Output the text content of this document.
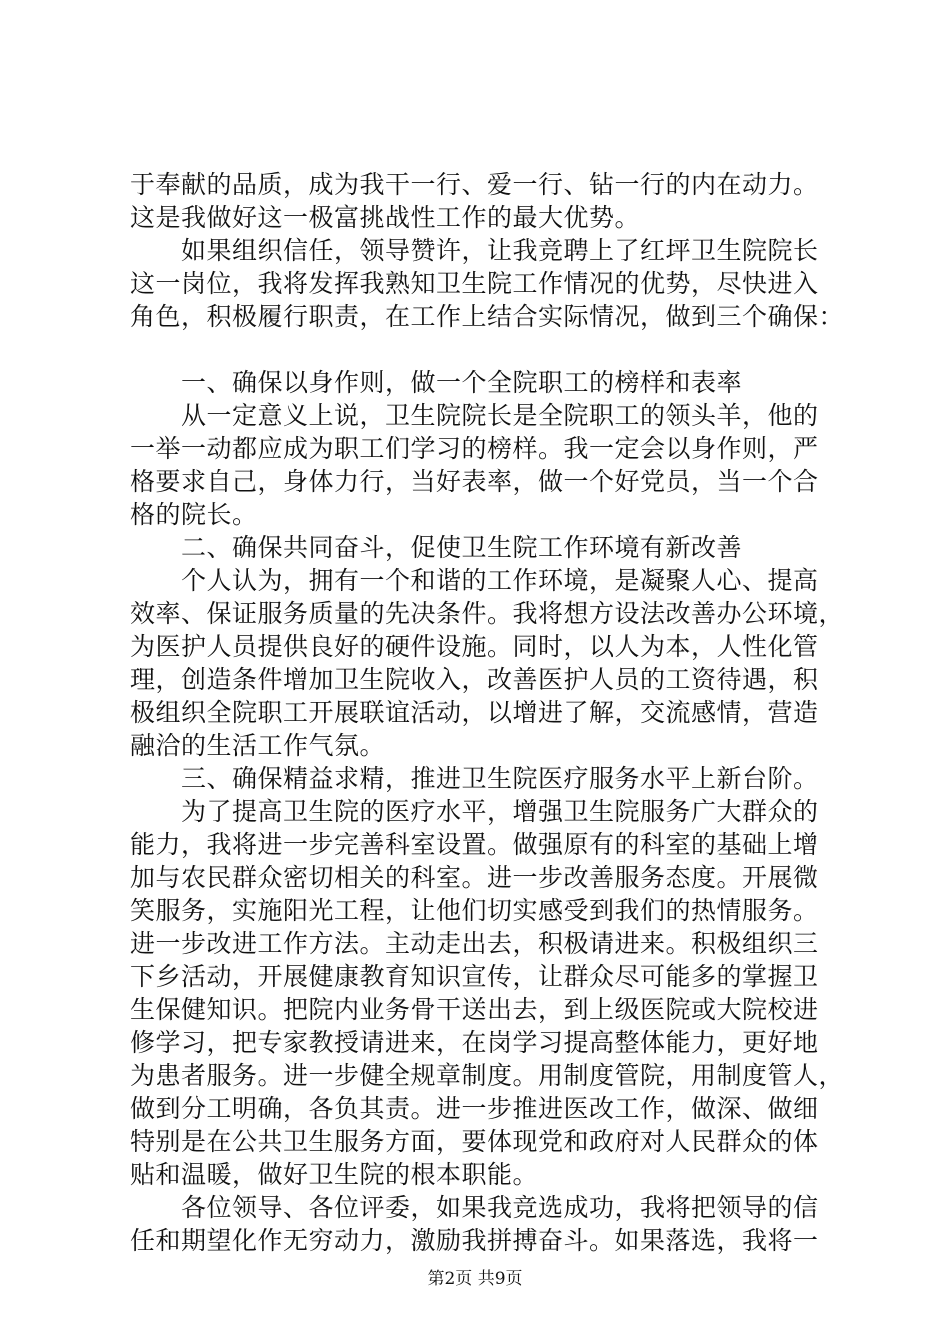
于奉献的品质，成为我干一行、爱一行、钻一行的内在动力。
这是我做好这一极富挑战性工作的最大优势。
　　如果组织信任，领导赞许，让我竞聘上了红坪卫生院院长
这一岗位，我将发挥我熟知卫生院工作情况的优势，尽快进入
角色，积极履行职责，在工作上结合实际情况，做到三个确保：
　　一、确保以身作则，做一个全院职工的榜样和表率
　　从一定意义上说，卫生院院长是全院职工的领头羊，他的
一举一动都应成为职工们学习的榜样。我一定会以身作则，严
格要求自己，身体力行，当好表率，做一个好党员，当一个合
格的院长。
　　二、确保共同奋斗，促使卫生院工作环境有新改善
　　个人认为，拥有一个和谐的工作环境，是凝聚人心、提高
效率、保证服务质量的先决条件。我将想方设法改善办公环境，
为医护人员提供良好的硬件设施。同时，以人为本，人性化管
理，创造条件增加卫生院收入，改善医护人员的工资待遇，积
极组织全院职工开展联谊活动，以增进了解，交流感情，营造
融洽的生活工作气氛。
　　三、确保精益求精，推进卫生院医疗服务水平上新台阶。
　　为了提高卫生院的医疗水平，增强卫生院服务广大群众的
能力，我将进一步完善科室设置。做强原有的科室的基础上增
加与农民群众密切相关的科室。进一步改善服务态度。开展微
笑服务，实施阳光工程，让他们切实感受到我们的热情服务。
进一步改进工作方法。主动走出去，积极请进来。积极组织三
下乡活动，开展健康教育知识宣传，让群众尽可能多的掌握卫
生保健知识。把院内业务骨干送出去，到上级医院或大院校进
修学习，把专家教授请进来，在岗学习提高整体能力，更好地
为患者服务。进一步健全规章制度。用制度管院，用制度管人，
做到分工明确，各负其责。进一步推进医改工作，做深、做细
特别是在公共卫生服务方面，要体现党和政府对人民群众的体
贴和温暖，做好卫生院的根本职能。
　　各位领导、各位评委，如果我竞选成功，我将把领导的信
任和期望化作无穷动力，激励我拼搏奋斗。如果落选，我将一
第2页 共9页
